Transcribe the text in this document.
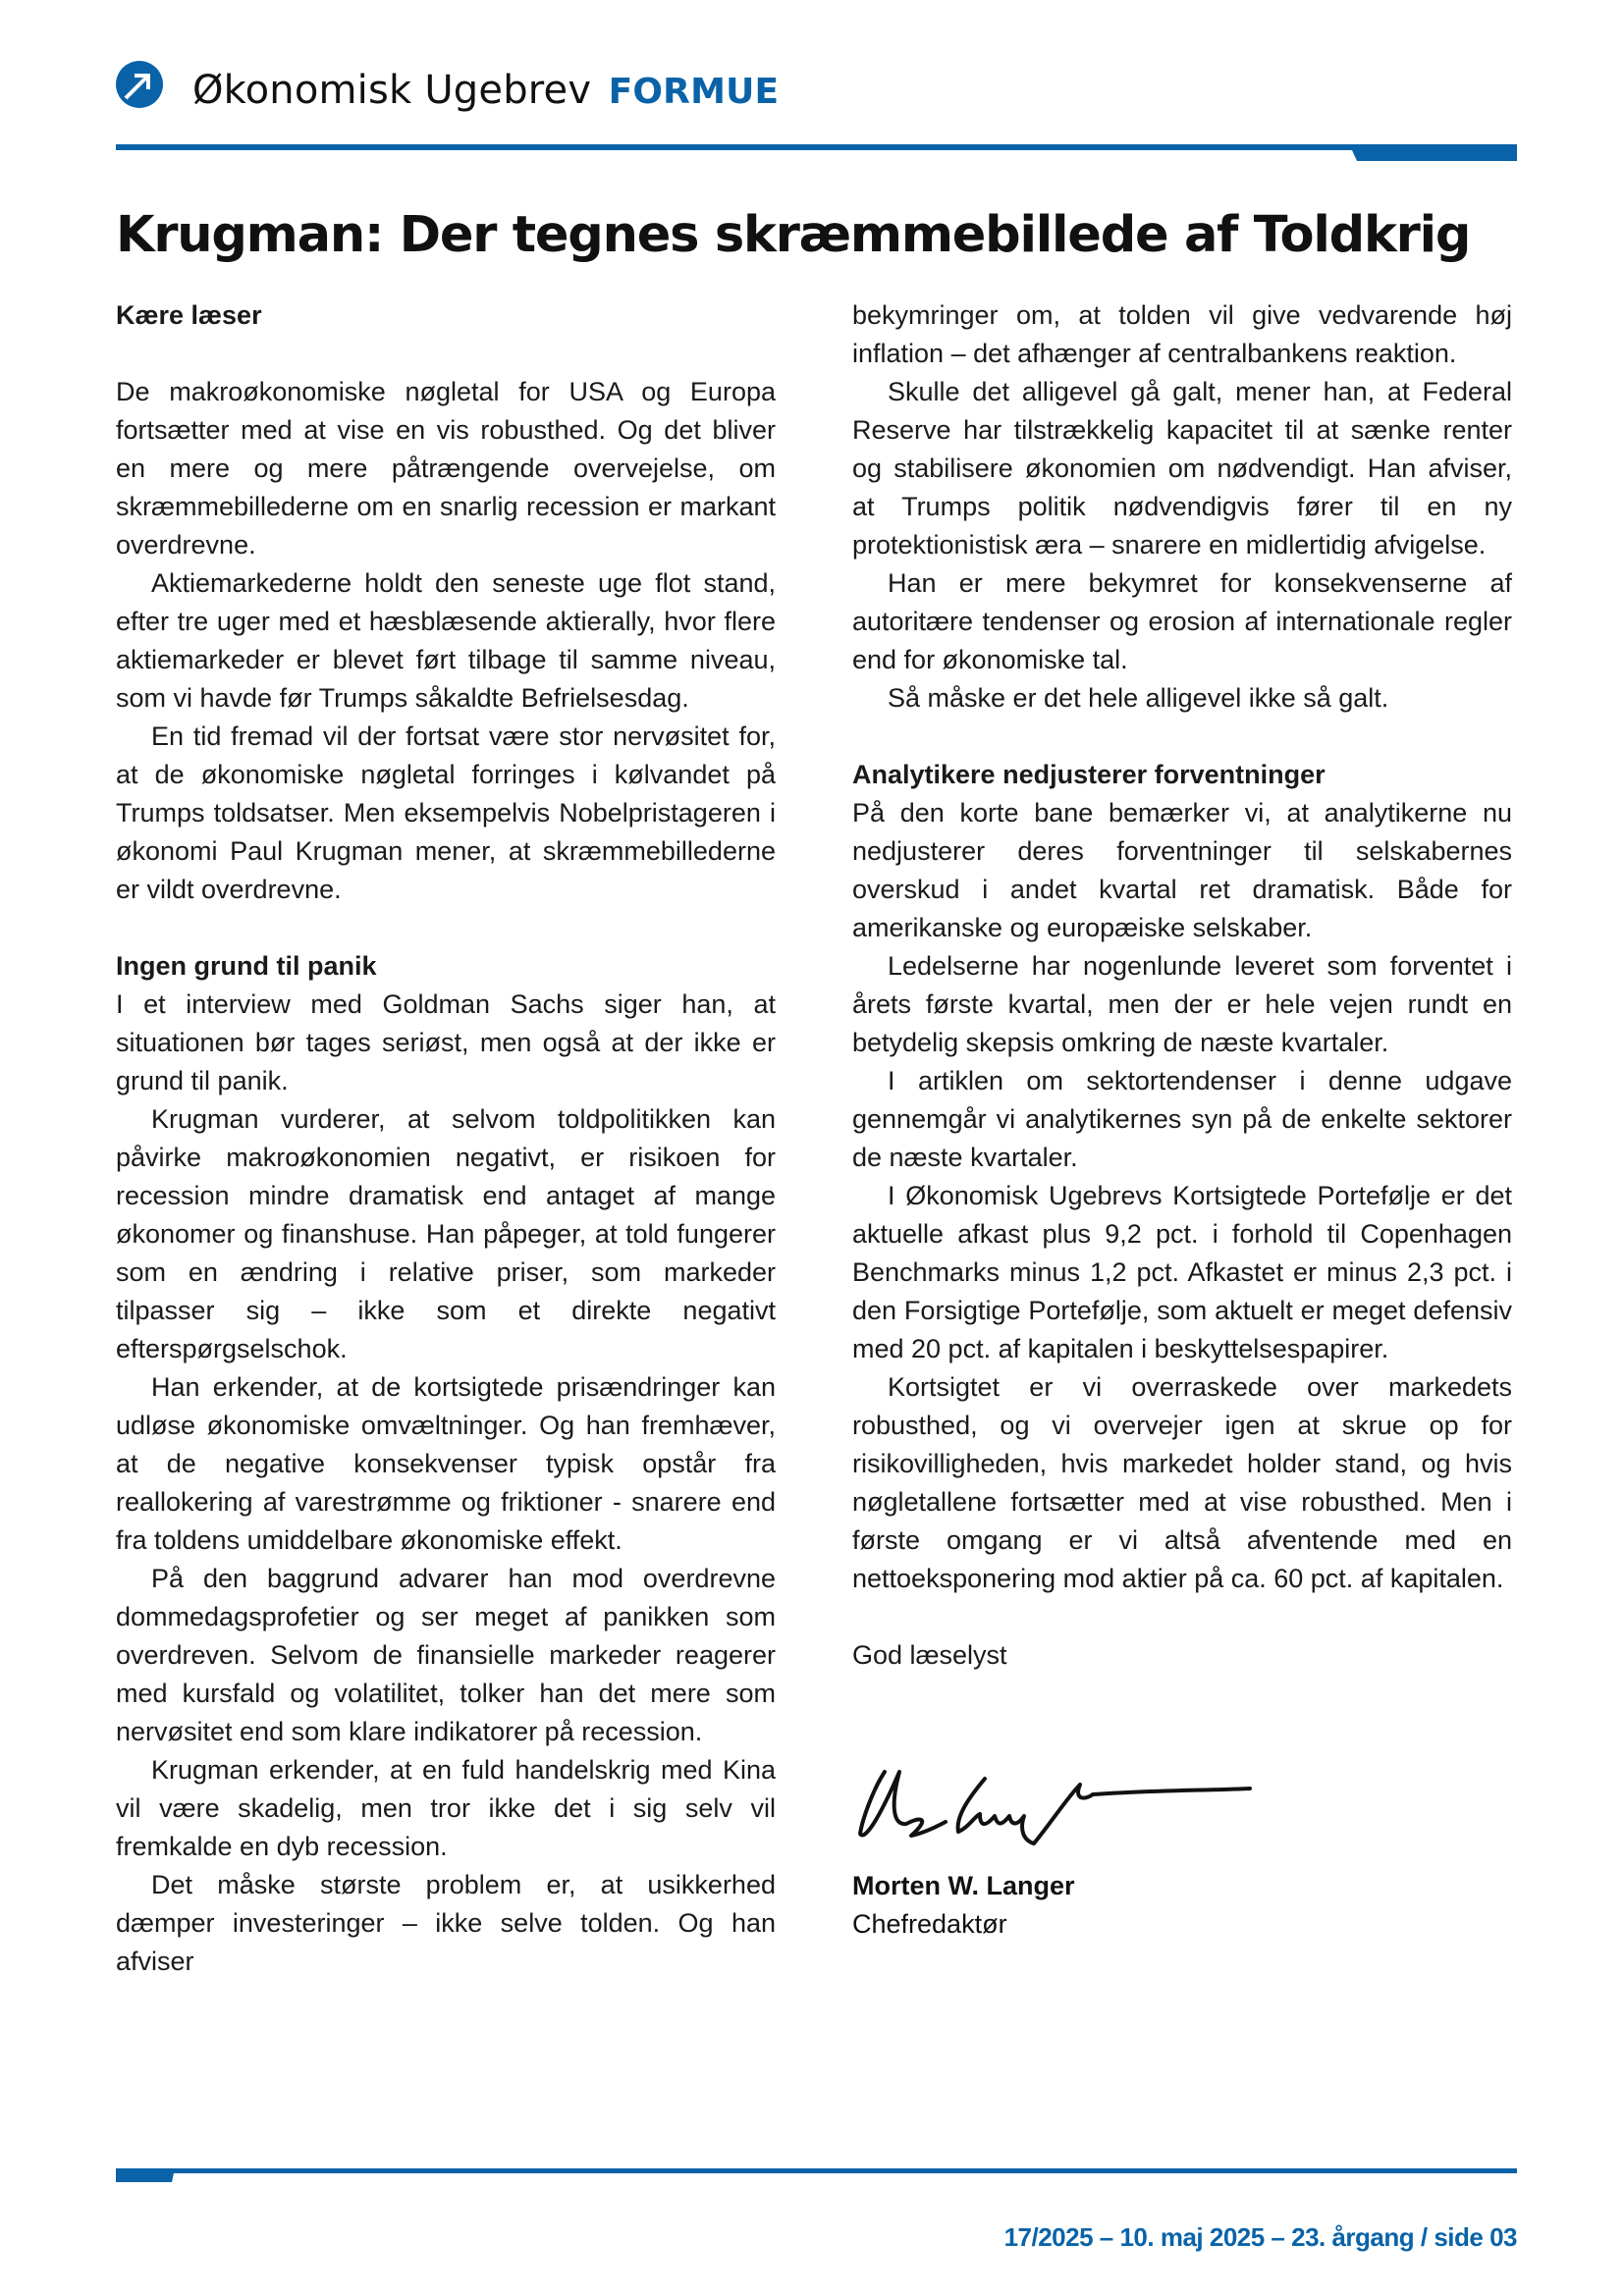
Økonomisk Ugebrev FORMUE
Krugman: Der tegnes skræmmebillede af Toldkrig
Kære læser

De makroøkonomiske nøgletal for USA og Europa fortsætter med at vise en vis robusthed. Og det bliver en mere og mere påtrængende overvejelse, om skræmmebillederne om en snarlig recession er markant overdrevne.

Aktiemarkederne holdt den seneste uge flot stand, efter tre uger med et hæsblæsende aktierally, hvor flere aktiemarkeder er blevet ført tilbage til samme niveau, som vi havde før Trumps såkaldte Befrielsesdag.

En tid fremad vil der fortsat være stor nervøsitet for, at de økonomiske nøgletal forringes i kølvandet på Trumps toldsatser. Men eksempelvis Nobelpristageren i økonomi Paul Krugman mener, at skræmmebillederne er vildt overdrevne.

Ingen grund til panik

I et interview med Goldman Sachs siger han, at situationen bør tages seriøst, men også at der ikke er grund til panik.

Krugman vurderer, at selvom toldpolitikken kan påvirke makroøkonomien negativt, er risikoen for recession mindre dramatisk end antaget af mange økonomer og finanshuse. Han påpeger, at told fungerer som en ændring i relative priser, som markeder tilpasser sig – ikke som et direkte negativt efterspørgselschok.

Han erkender, at de kortsigtede prisændringer kan udløse økonomiske omvæltninger. Og han fremhæver, at de negative konsekvenser typisk opstår fra reallokering af varestrømme og friktioner - snarere end fra toldens umiddelbare økonomiske effekt.

På den baggrund advarer han mod overdrevne dommedagsprofetier og ser meget af panikken som overdreven. Selvom de finansielle markeder reagerer med kursfald og volatilitet, tolker han det mere som nervøsitet end som klare indikatorer på recession.

Krugman erkender, at en fuld handelskrig med Kina vil være skadelig, men tror ikke det i sig selv vil fremkalde en dyb recession.

Det måske største problem er, at usikkerhed dæmper investeringer – ikke selve tolden. Og han afviser

bekymringer om, at tolden vil give vedvarende høj inflation – det afhænger af centralbankens reaktion.

Skulle det alligevel gå galt, mener han, at Federal Reserve har tilstrækkelig kapacitet til at sænke renter og stabilisere økonomien om nødvendigt. Han afviser, at Trumps politik nødvendigvis fører til en ny protektionistisk æra – snarere en midlertidig afvigelse.

Han er mere bekymret for konsekvenserne af autoritære tendenser og erosion af internationale regler end for økonomiske tal.

Så måske er det hele alligevel ikke så galt.

Analytikere nedjusterer forventninger

På den korte bane bemærker vi, at analytikerne nu nedjusterer deres forventninger til selskabernes overskud i andet kvartal ret dramatisk. Både for amerikanske og europæiske selskaber.

Ledelserne har nogenlunde leveret som forventet i årets første kvartal, men der er hele vejen rundt en betydelig skepsis omkring de næste kvartaler.

I artiklen om sektortendenser i denne udgave gennemgår vi analytikernes syn på de enkelte sektorer de næste kvartaler.

I Økonomisk Ugebrevs Kortsigtede Portefølje er det aktuelle afkast plus 9,2 pct. i forhold til Copenhagen Benchmarks minus 1,2 pct. Afkastet er minus 2,3 pct. i den Forsigtige Portefølje, som aktuelt er meget defensiv med 20 pct. af kapitalen i beskyttelsespapirer.

Kortsigtet er vi overraskede over markedets robusthed, og vi overvejer igen at skrue op for risikovilligheden, hvis markedet holder stand, og hvis nøgletallene fortsætter med at vise robusthed. Men i første omgang er vi altså afventende med en nettoeksponering mod aktier på ca. 60 pct. af kapitalen.

God læselyst

Morten W. Langer
Chefredaktør
17/2025 – 10. maj 2025 – 23. årgang / side 03
